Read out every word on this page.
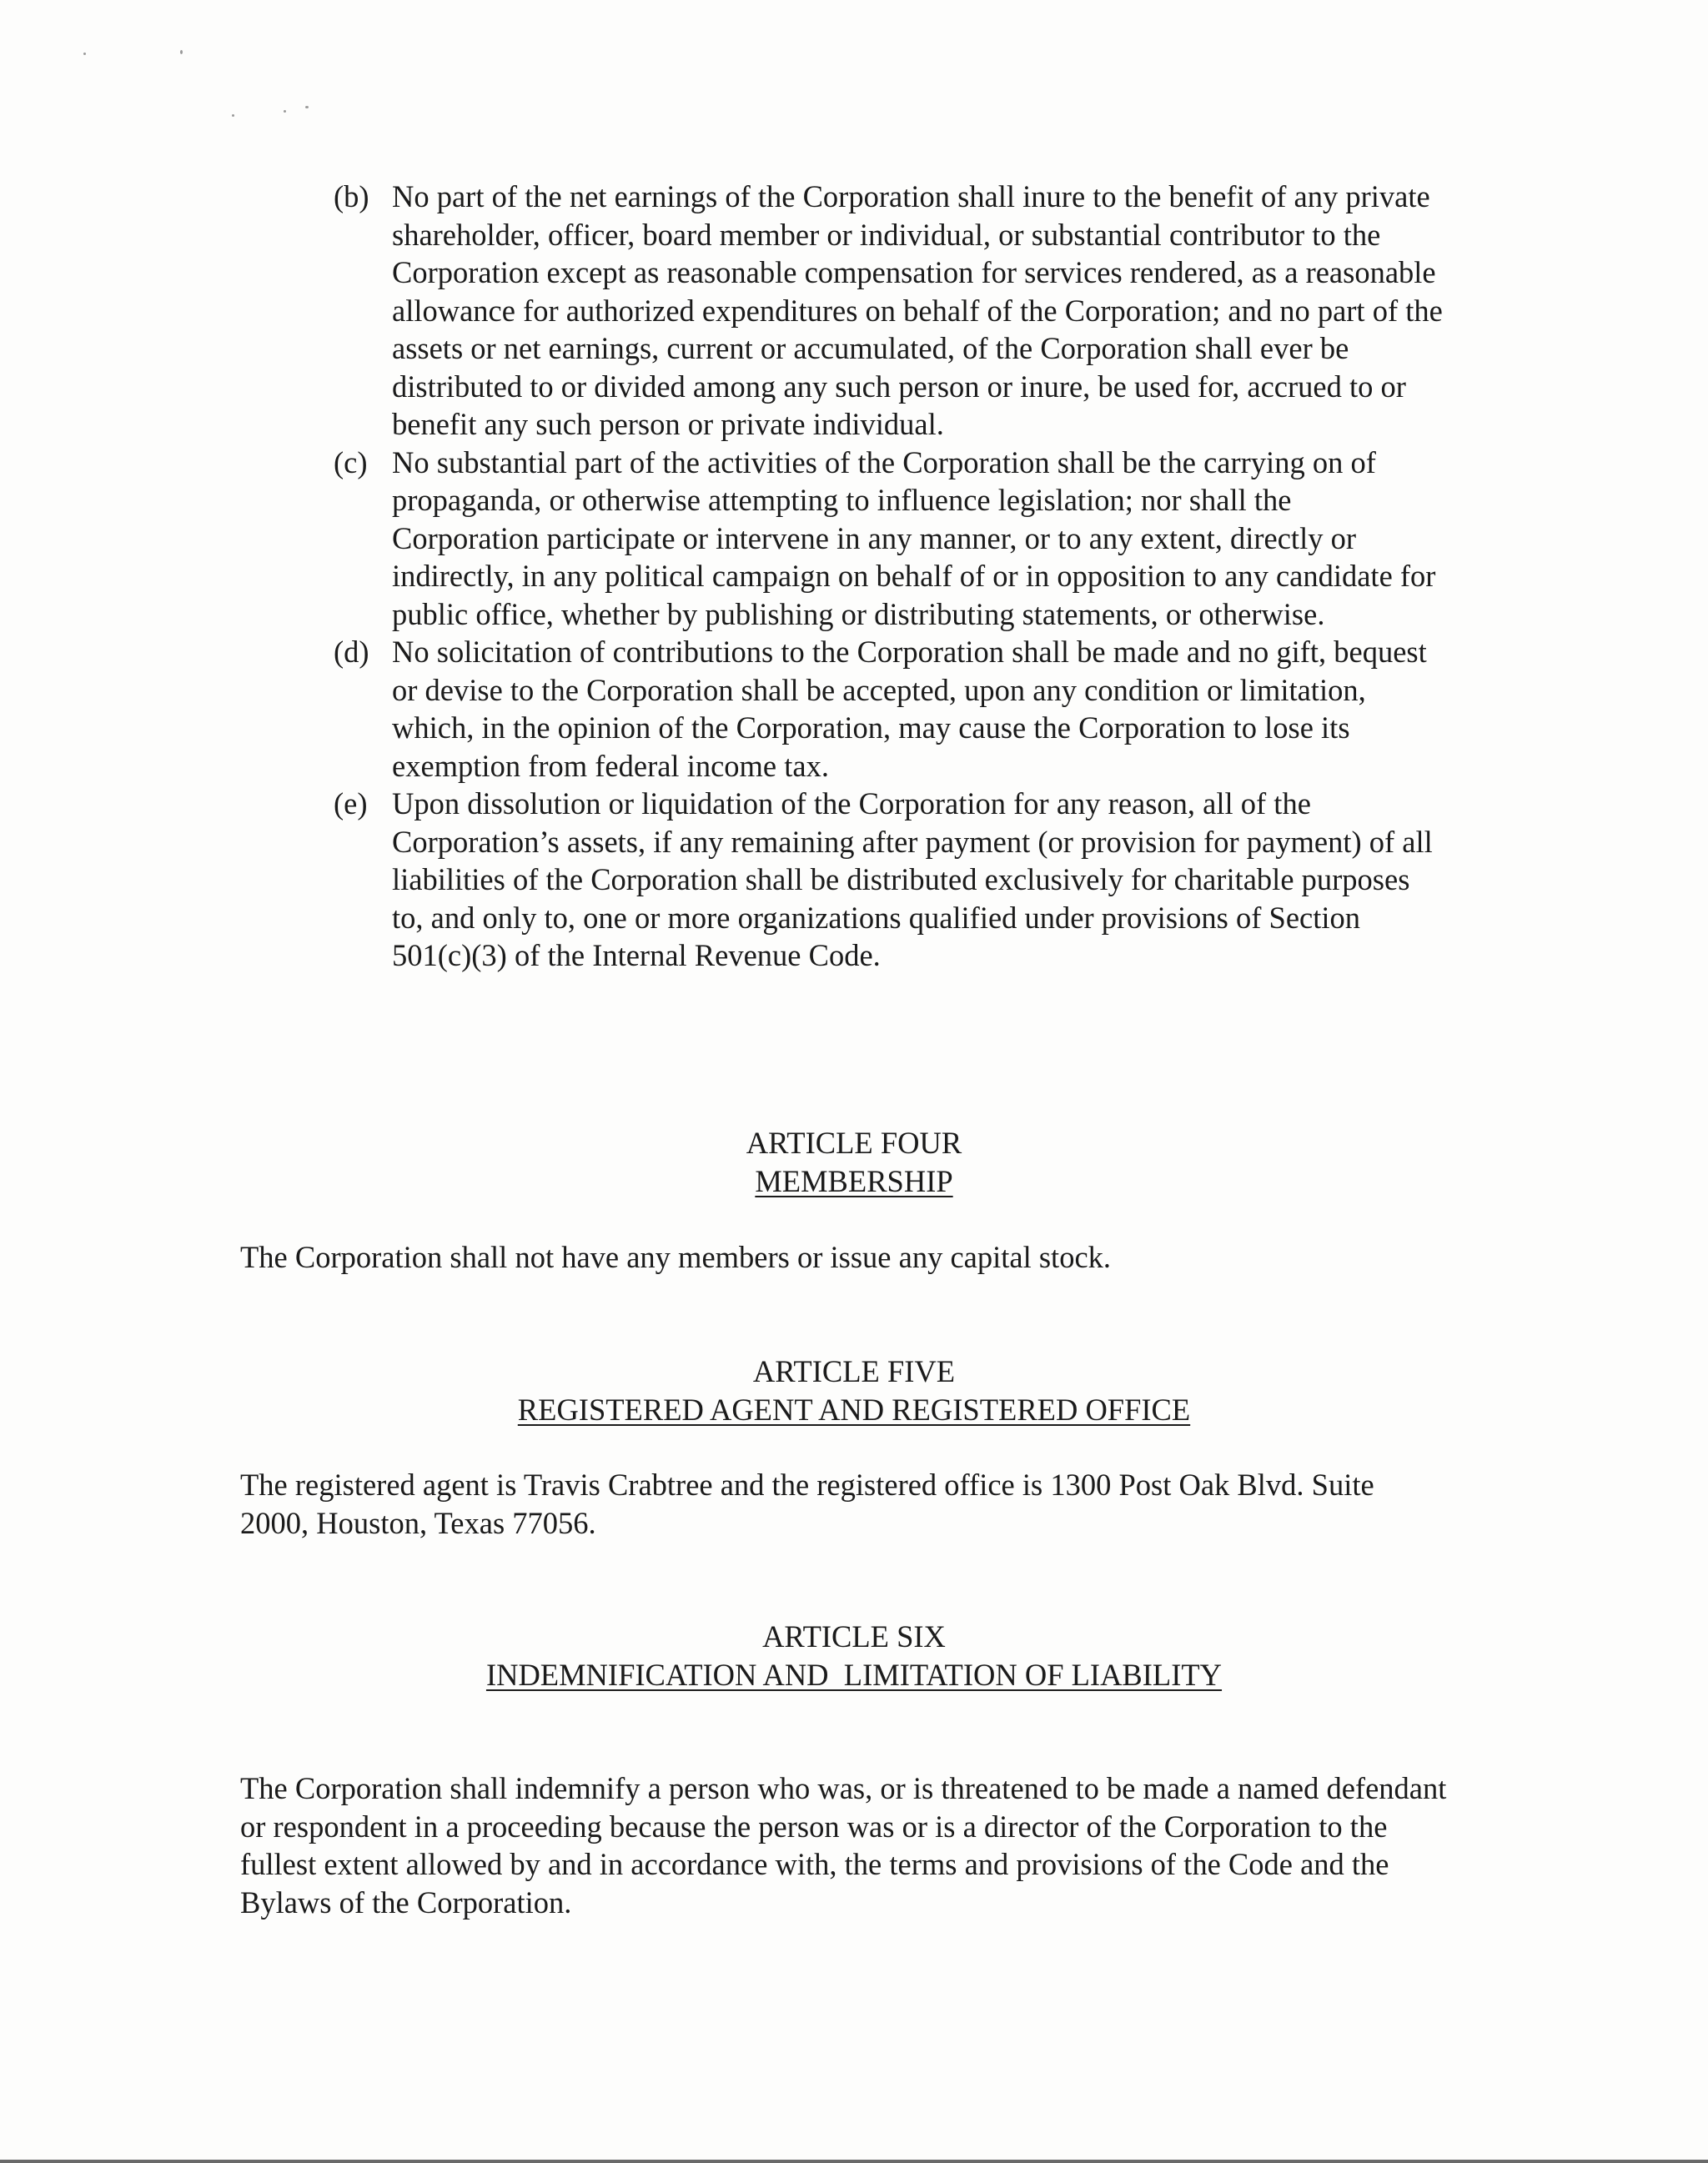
(b) No part of the net earnings of the Corporation shall inure to the benefit of any private shareholder, officer, board member or individual, or substantial contributor to the Corporation except as reasonable compensation for services rendered, as a reasonable allowance for authorized expenditures on behalf of the Corporation; and no part of the assets or net earnings, current or accumulated, of the Corporation shall ever be distributed to or divided among any such person or inure, be used for, accrued to or benefit any such person or private individual.
(c) No substantial part of the activities of the Corporation shall be the carrying on of propaganda, or otherwise attempting to influence legislation; nor shall the Corporation participate or intervene in any manner, or to any extent, directly or indirectly, in any political campaign on behalf of or in opposition to any candidate for public office, whether by publishing or distributing statements, or otherwise.
(d) No solicitation of contributions to the Corporation shall be made and no gift, bequest or devise to the Corporation shall be accepted, upon any condition or limitation, which, in the opinion of the Corporation, may cause the Corporation to lose its exemption from federal income tax.
(e) Upon dissolution or liquidation of the Corporation for any reason, all of the Corporation’s assets, if any remaining after payment (or provision for payment) of all liabilities of the Corporation shall be distributed exclusively for charitable purposes to, and only to, one or more organizations qualified under provisions of Section 501(c)(3) of the Internal Revenue Code.
ARTICLE FOUR
MEMBERSHIP
The Corporation shall not have any members or issue any capital stock.
ARTICLE FIVE
REGISTERED AGENT AND REGISTERED OFFICE
The registered agent is Travis Crabtree and the registered office is 1300 Post Oak Blvd. Suite 2000, Houston, Texas 77056.
ARTICLE SIX
INDEMNIFICATION AND  LIMITATION OF LIABILITY
The Corporation shall indemnify a person who was, or is threatened to be made a named defendant or respondent in a proceeding because the person was or is a director of the Corporation to the fullest extent allowed by and in accordance with, the terms and provisions of the Code and the Bylaws of the Corporation.
